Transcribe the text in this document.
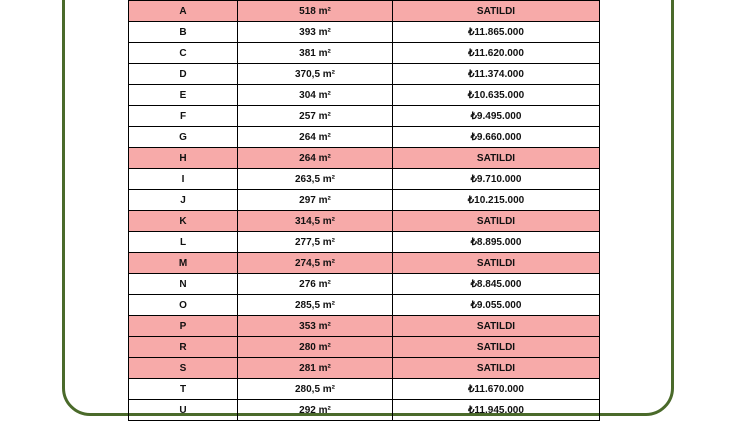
A	518 m²	SATILDI
B	393 m²	₺11.865.000
C	381 m²	₺11.620.000
D	370,5 m²	₺11.374.000
E	304 m²	₺10.635.000
F	257 m²	₺9.495.000
G	264 m²	₺9.660.000
H	264 m²	SATILDI
I	263,5 m²	₺9.710.000
J	297 m²	₺10.215.000
K	314,5 m²	SATILDI
L	277,5 m²	₺8.895.000
M	274,5 m²	SATILDI
N	276 m²	₺8.845.000
O	285,5 m²	₺9.055.000
P	353 m²	SATILDI
R	280 m²	SATILDI
S	281 m²	SATILDI
T	280,5 m²	₺11.670.000
U	292 m²	₺11.945.000
